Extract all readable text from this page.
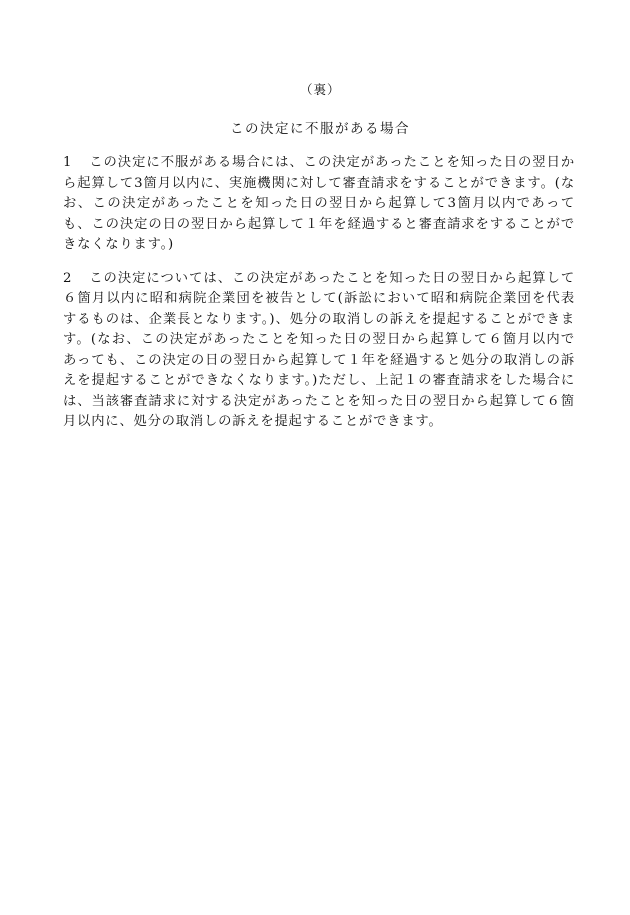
（裏）
この決定に不服がある場合

1 この決定に不服がある場合には、この決定があったことを知った日の翌日から起算して3箇月以内に、実施機関に対して審査請求をすることができます。(なお、この決定があったことを知った日の翌日から起算して3箇月以内であっても、この決定の日の翌日から起算して１年を経過すると審査請求をすることができなくなります。)

2 この決定については、この決定があったことを知った日の翌日から起算して６箇月以内に昭和病院企業団を被告として(訴訟において昭和病院企業団を代表するものは、企業長となります。)、処分の取消しの訴えを提起することができます。(なお、この決定があったことを知った日の翌日から起算して６箇月以内であっても、この決定の日の翌日から起算して１年を経過すると処分の取消しの訴えを提起することができなくなります。)ただし、上記１の審査請求をした場合には、当該審査請求に対する決定があったことを知った日の翌日から起算して６箇月以内に、処分の取消しの訴えを提起することができます。
